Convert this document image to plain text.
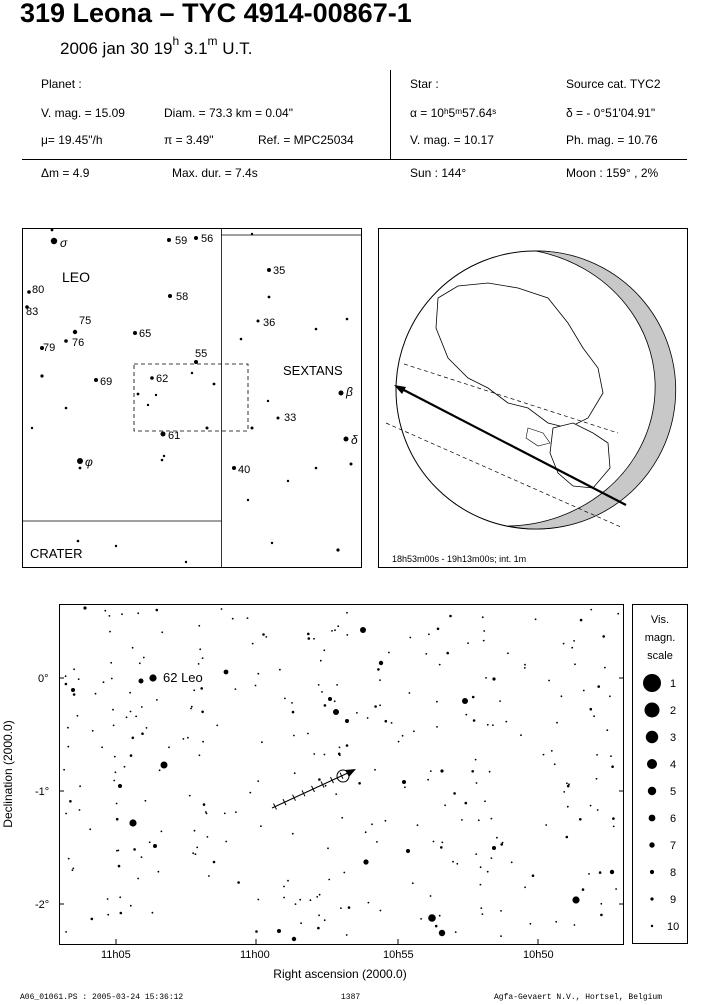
319 Leona – TYC 4914-00867-1
2006 jan 30 19$^h$ 3.1$^m$ U.T.
Planet :
V. mag. = 15.09	Diam. = 73.3 km = 0.04"
μ= 19.45"/h	π = 3.49"	Ref. = MPC25034
Star :	Source cat. TYC2
α = 10ʰ5ᵐ57.64ˢ	δ = - 0°51'04.91"
V. mag. = 10.17	Ph. mag. = 10.76
Δm = 4.9	Max. dur. = 7.4s	Sun : 144°	Moon : 159° , 2%
LEO
SEXTANS
CRATER
σ	59 56
35
80
83
58
75	36
65
79 76
55
62
69
β
33
61	δ
φ
40
18h53m00s - 19h13m00s; int. 1m
62 Leo
0°
-1°
-2°
11h05	11h00	10h55	10h50
Right ascension (2000.0)
Declination (2000.0)
Vis.
magn.
scale
1
2
3
4
5
6
7
8
9
10
A06_01061.PS : 2005-03-24 15:36:12	1387	Agfa-Gevaert N.V., Hortsel, Belgium
